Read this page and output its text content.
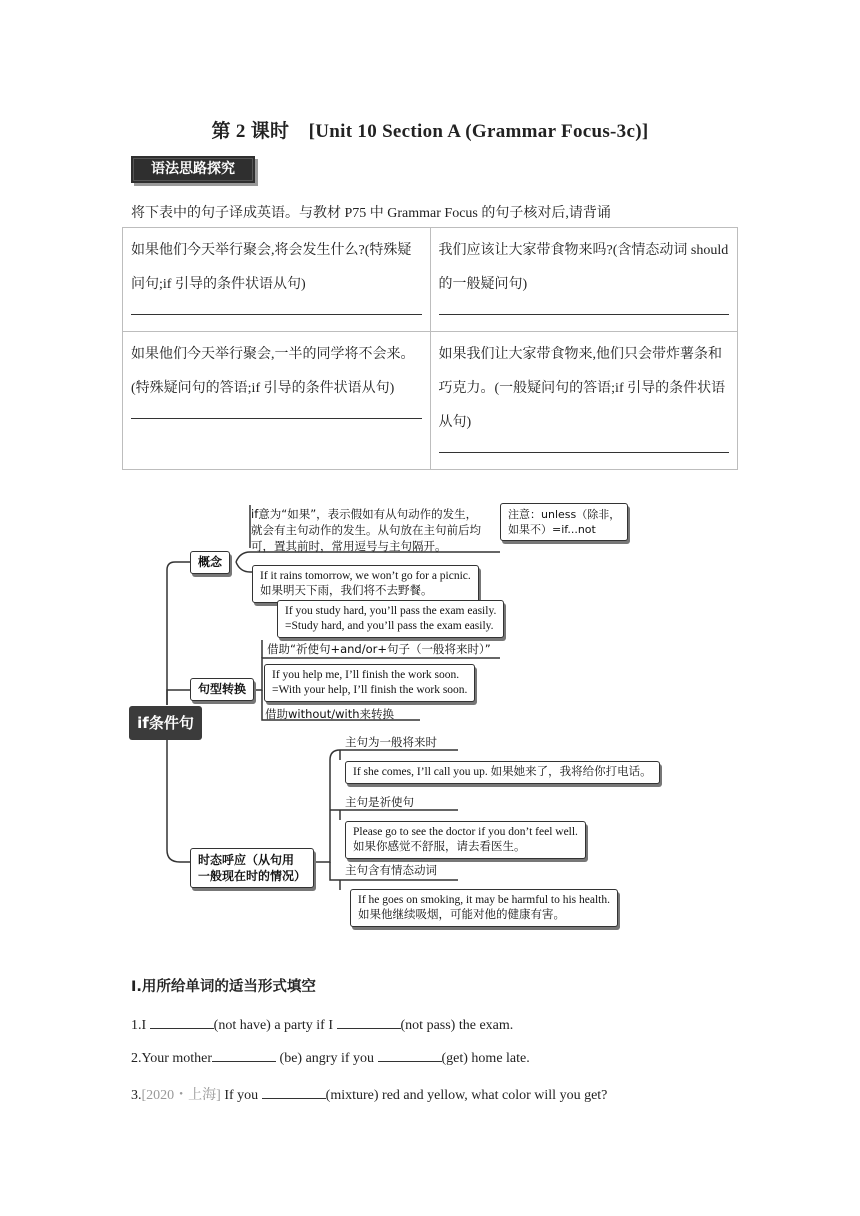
第 2 课时　[Unit 10 Section A (Grammar Focus-3c)]
语法思路探究
将下表中的句子译成英语。与教材 P75 中 Grammar Focus 的句子核对后,请背诵
如果他们今天举行聚会,将会发生什么?(特殊疑问句;if 引导的条件状语从句)	我们应该让大家带食物来吗?(含情态动词 should 的一般疑问句)

如果他们今天举行聚会,一半的同学将不会来。(特殊疑问句的答语;if 引导的条件状语从句)	如果我们让大家带食物来,他们只会带炸薯条和巧克力。(一般疑问句的答语;if 引导的条件状语从句)
if条件句
概念
if意为“如果”，表示假如有从句动作的发生，
就会有主句动作的发生。从句放在主句前后均
可，置其前时，常用逗号与主句隔开。
注意：unless（除非，
如果不）=if...not
If it rains tomorrow, we won’t go for a picnic.
如果明天下雨，我们将不去野餐。
句型转换
If you study hard, you’ll pass the exam easily.
=Study hard, and you’ll pass the exam easily.
借助“祈使句+and/or+句子（一般将来时）”
If you help me, I’ll finish the work soon.
=With your help, I’ll finish the work soon.
借助without/with来转换
时态呼应（从句用
一般现在时的情况）
主句为一般将来时
If she comes, I’ll call you up. 如果她来了，我将给你打电话。
主句是祈使句
Please go to see the doctor if you don’t feel well.
如果你感觉不舒服，请去看医生。
主句含有情态动词
If he goes on smoking, it may be harmful to his health.
如果他继续吸烟，可能对他的健康有害。
Ⅰ.用所给单词的适当形式填空
1.I	(not have) a party if I	(not pass) the exam.
2.Your mother	(be) angry if you	(get) home late.
3.[2020・上海] If you	(mixture) red and yellow, what color will you get?
